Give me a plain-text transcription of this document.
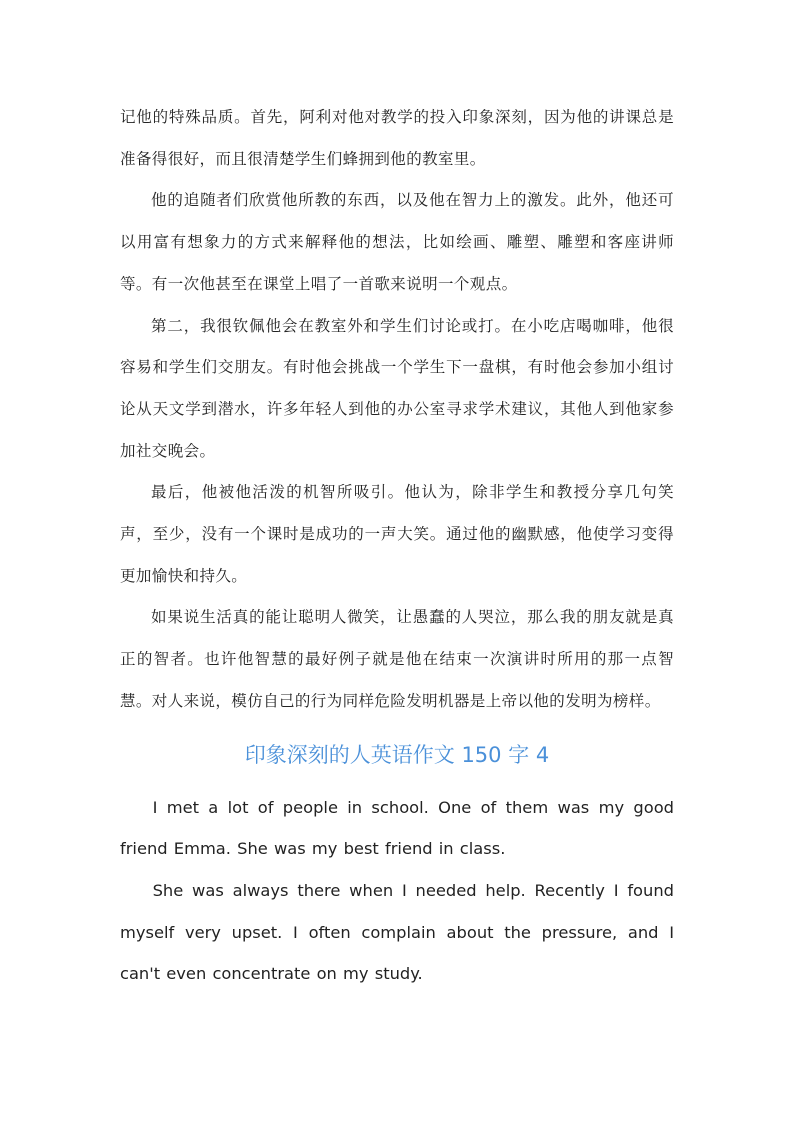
记他的特殊品质。首先，阿利对他对教学的投入印象深刻，因为他的讲课总是准备得很好，而且很清楚学生们蜂拥到他的教室里。

他的追随者们欣赏他所教的东西，以及他在智力上的激发。此外，他还可以用富有想象力的方式来解释他的想法，比如绘画、雕塑、雕塑和客座讲师等。有一次他甚至在课堂上唱了一首歌来说明一个观点。

第二，我很钦佩他会在教室外和学生们讨论或打。在小吃店喝咖啡，他很容易和学生们交朋友。有时他会挑战一个学生下一盘棋，有时他会参加小组讨论从天文学到潜水，许多年轻人到他的办公室寻求学术建议，其他人到他家参加社交晚会。

最后，他被他活泼的机智所吸引。他认为，除非学生和教授分享几句笑声，至少，没有一个课时是成功的一声大笑。通过他的幽默感，他使学习变得更加愉快和持久。

如果说生活真的能让聪明人微笑，让愚蠢的人哭泣，那么我的朋友就是真正的智者。也许他智慧的最好例子就是他在结束一次演讲时所用的那一点智慧。对人来说，模仿自己的行为同样危险发明机器是上帝以他的发明为榜样。

印象深刻的人英语作文 150 字 4

I met a lot of people in school. One of them was my good friend Emma. She was my best friend in class.

She was always there when I needed help. Recently I found myself very upset. I often complain about the pressure, and I can't even concentrate on my study.
